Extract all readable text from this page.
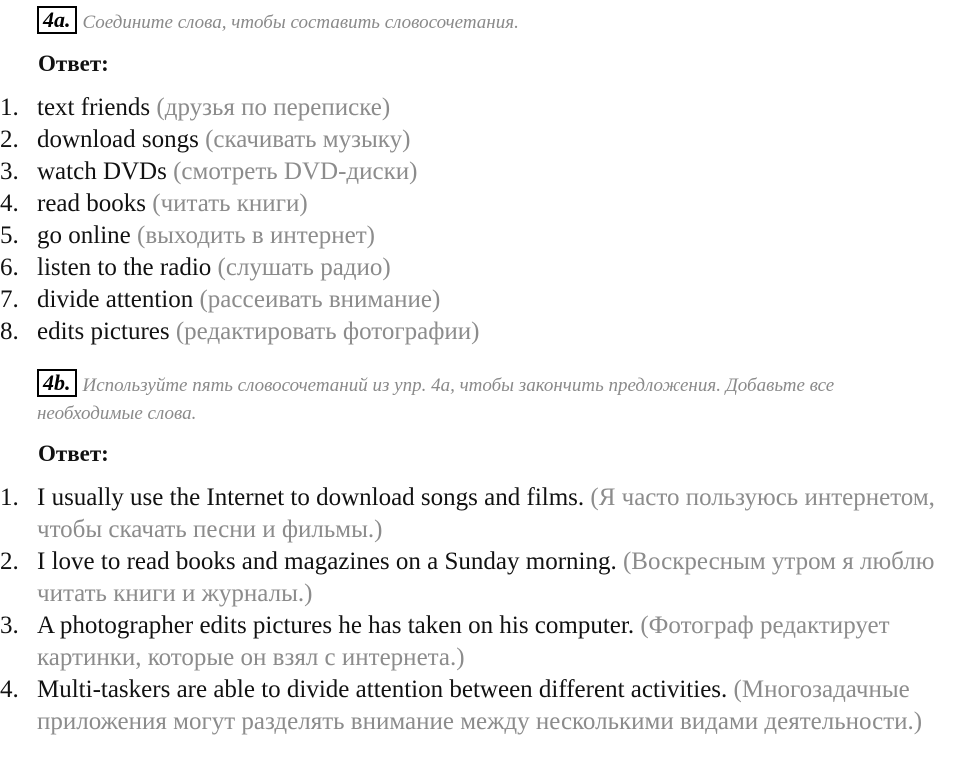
4a. Соедините слова, чтобы составить словосочетания.
Ответ:
1. text friends (друзья по переписке)
2. download songs (скачивать музыку)
3. watch DVDs (смотреть DVD-диски)
4. read books (читать книги)
5. go online (выходить в интернет)
6. listen to the radio (слушать радио)
7. divide attention (рассеивать внимание)
8. edits pictures (редактировать фотографии)
4b. Используйте пять словосочетаний из упр. 4а, чтобы закончить предложения. Добавьте все необходимые слова.
Ответ:
1. I usually use the Internet to download songs and films. (Я часто пользуюсь интернетом, чтобы скачать песни и фильмы.)
2. I love to read books and magazines on a Sunday morning. (Воскресным утром я люблю читать книги и журналы.)
3. A photographer edits pictures he has taken on his computer. (Фотограф редактирует картинки, которые он взял с интернета.)
4. Multi-taskers are able to divide attention between different activities. (Многозадачные приложения могут разделять внимание между несколькими видами деятельности.)
